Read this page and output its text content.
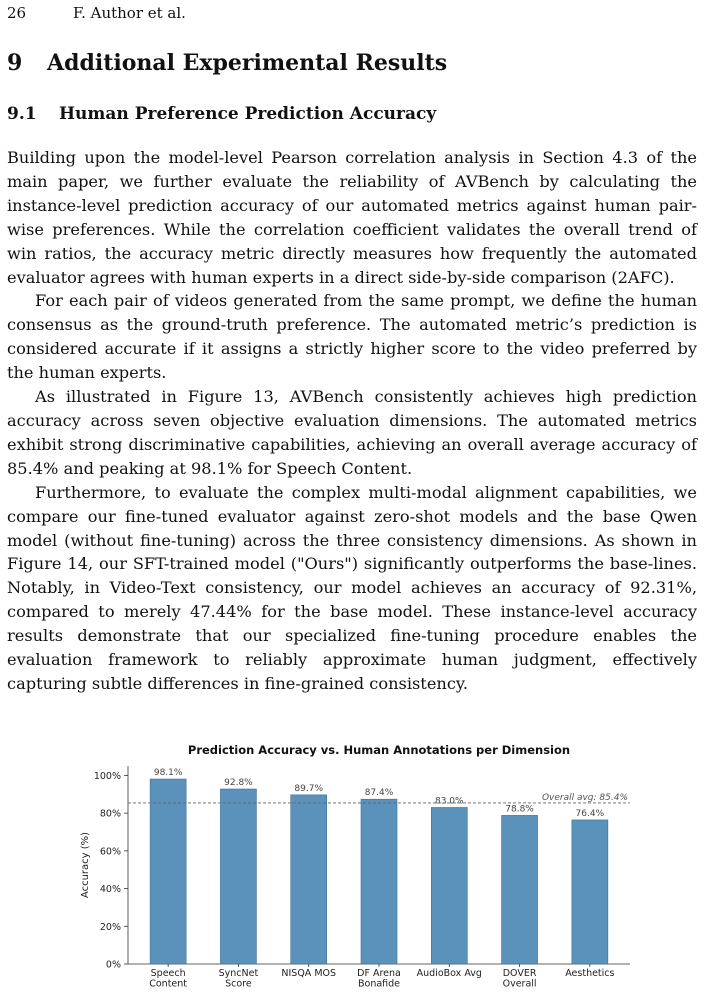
26	F. Author et al.
9 Additional Experimental Results
9.1 Human Preference Prediction Accuracy

Building upon the model-level Pearson correlation analysis in Section 4.3 of the main paper, we further evaluate the reliability of AVBench by calculating the instance-level prediction accuracy of our automated metrics against human pair-wise preferences. While the correlation coefficient validates the overall trend of win ratios, the accuracy metric directly measures how frequently the automated evaluator agrees with human experts in a direct side-by-side comparison (2AFC).

For each pair of videos generated from the same prompt, we define the human consensus as the ground-truth preference. The automated metric’s prediction is considered accurate if it assigns a strictly higher score to the video preferred by the human experts.

As illustrated in Figure 13, AVBench consistently achieves high prediction accuracy across seven objective evaluation dimensions. The automated metrics exhibit strong discriminative capabilities, achieving an overall average accuracy of 85.4% and peaking at 98.1% for Speech Content.

Furthermore, to evaluate the complex multi-modal alignment capabilities, we compare our fine-tuned evaluator against zero-shot models and the base Qwen model (without fine-tuning) across the three consistency dimensions. As shown in Figure 14, our SFT-trained model ("Ours") significantly outperforms the base-lines. Notably, in Video-Text consistency, our model achieves an accuracy of 92.31%, compared to merely 47.44% for the base model. These instance-level accuracy results demonstrate that our specialized fine-tuning procedure enables the evaluation framework to reliably approximate human judgment, effectively capturing subtle differences in fine-grained consistency.

Prediction Accuracy vs. Human Annotations per Dimension
0%
20%
40%
60%
80%
100%
Accuracy (%)
98.1%
Speech
Content
92.8%
SyncNet
Score
89.7%
NISQA MOS
87.4%
DF Arena
Bonafide
83.0%
AudioBox Avg
78.8%
DOVER
Overall
76.4%
Aesthetics
Overall avg: 85.4%
